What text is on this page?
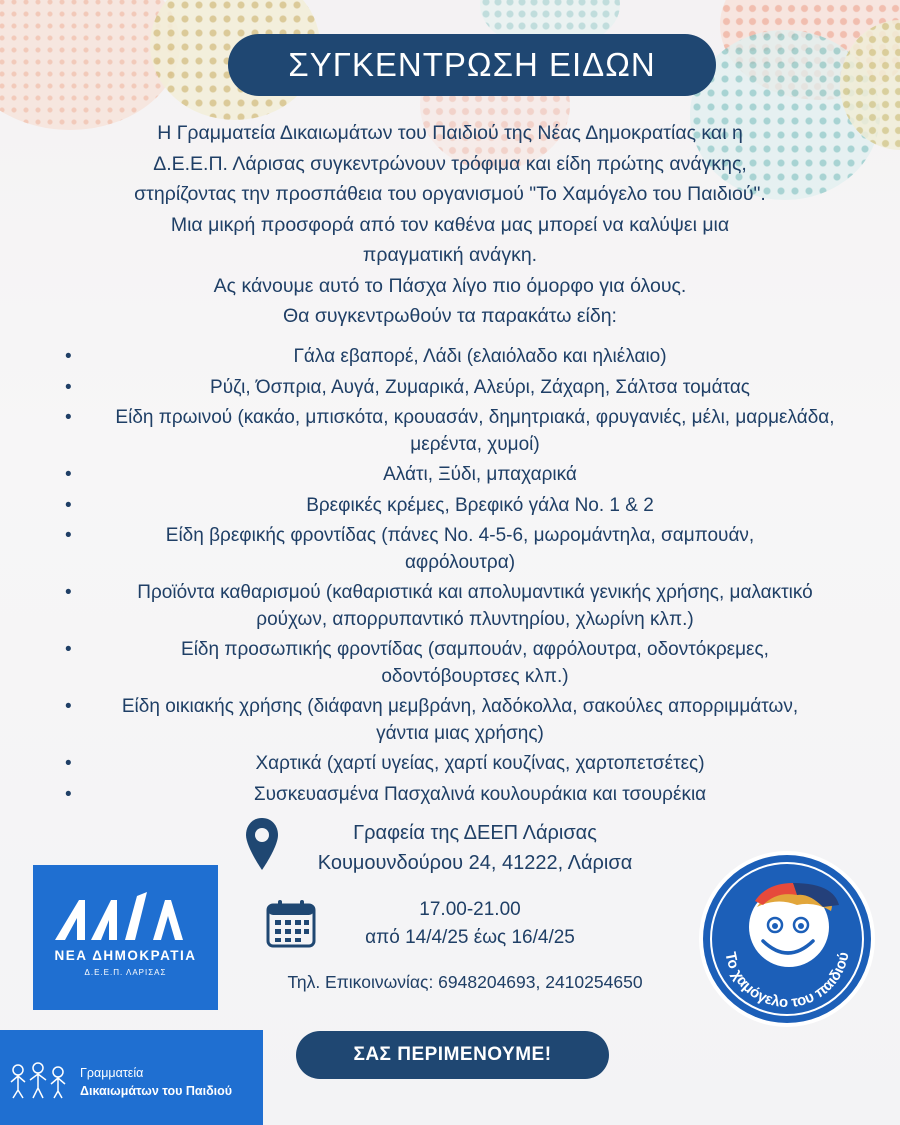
ΣΥΓΚΕΝΤΡΩΣΗ ΕΙΔΩΝ

Η Γραμματεία Δικαιωμάτων του Παιδιού της Νέας Δημοκρατίας και η

Δ.Ε.Ε.Π. Λάρισας συγκεντρώνουν τρόφιμα και είδη πρώτης ανάγκης,

στηρίζοντας την προσπάθεια του οργανισμού "Το Χαμόγελο του Παιδιού".

Μια μικρή προσφορά από τον καθένα μας μπορεί να καλύψει μια

πραγματική ανάγκη.

Ας κάνουμε αυτό το Πάσχα λίγο πιο όμορφο για όλους.

Θα συγκεντρωθούν τα παρακάτω είδη:

•	Γάλα εβαπορέ, Λάδι (ελαιόλαδο και ηλιέλαιο)
•	Ρύζι, Όσπρια, Αυγά, Ζυμαρικά, Αλεύρι, Ζάχαρη, Σάλτσα τομάτας
• Είδη πρωινού (κακάο, μπισκότα, κρουασάν, δημητριακά, φρυγανιές, μέλι, μαρμελάδα, μερέντα, χυμοί)
•	Αλάτι, Ξύδι, μπαχαρικά
•	Βρεφικές κρέμες, Βρεφικό γάλα Νο. 1 & 2
•	Είδη βρεφικής φροντίδας (πάνες Νο. 4-5-6, μωρομάντηλα, σαμπουάν, αφρόλουτρα)
•	Προϊόντα καθαρισμού (καθαριστικά και απολυμαντικά γενικής χρήσης, μαλακτικό ρούχων, απορρυπαντικό πλυντηρίου, χλωρίνη κλπ.)
•	Είδη προσωπικής φροντίδας (σαμπουάν, αφρόλουτρα, οδοντόκρεμες, οδοντόβουρτσες κλπ.)
•	Είδη οικιακής χρήσης (διάφανη μεμβράνη, λαδόκολλα, σακούλες απορριμμάτων, γάντια μιας χρήσης)
•	Χαρτικά (χαρτί υγείας, χαρτί κουζίνας, χαρτοπετσέτες)
•	Συσκευασμένα Πασχαλινά κουλουράκια και τσουρέκια
Γραφεία της ΔΕΕΠ Λάρισας
Κουμουνδούρου 24, 41222, Λάρισα
17.00-21.00
από 14/4/25 έως 16/4/25
Τηλ. Επικοινωνίας: 6948204693, 2410254650
ΝΕΑ ΔΗΜΟΚΡΑΤΙΑ
Δ.Ε.Ε.Π. ΛΑΡΙΣΑΣ
Γραμματεία
Δικαιωμάτων του Παιδιού
ΣΑΣ ΠΕΡΙΜΕΝΟΥΜΕ!
Το χαμόγελο του παιδιού
